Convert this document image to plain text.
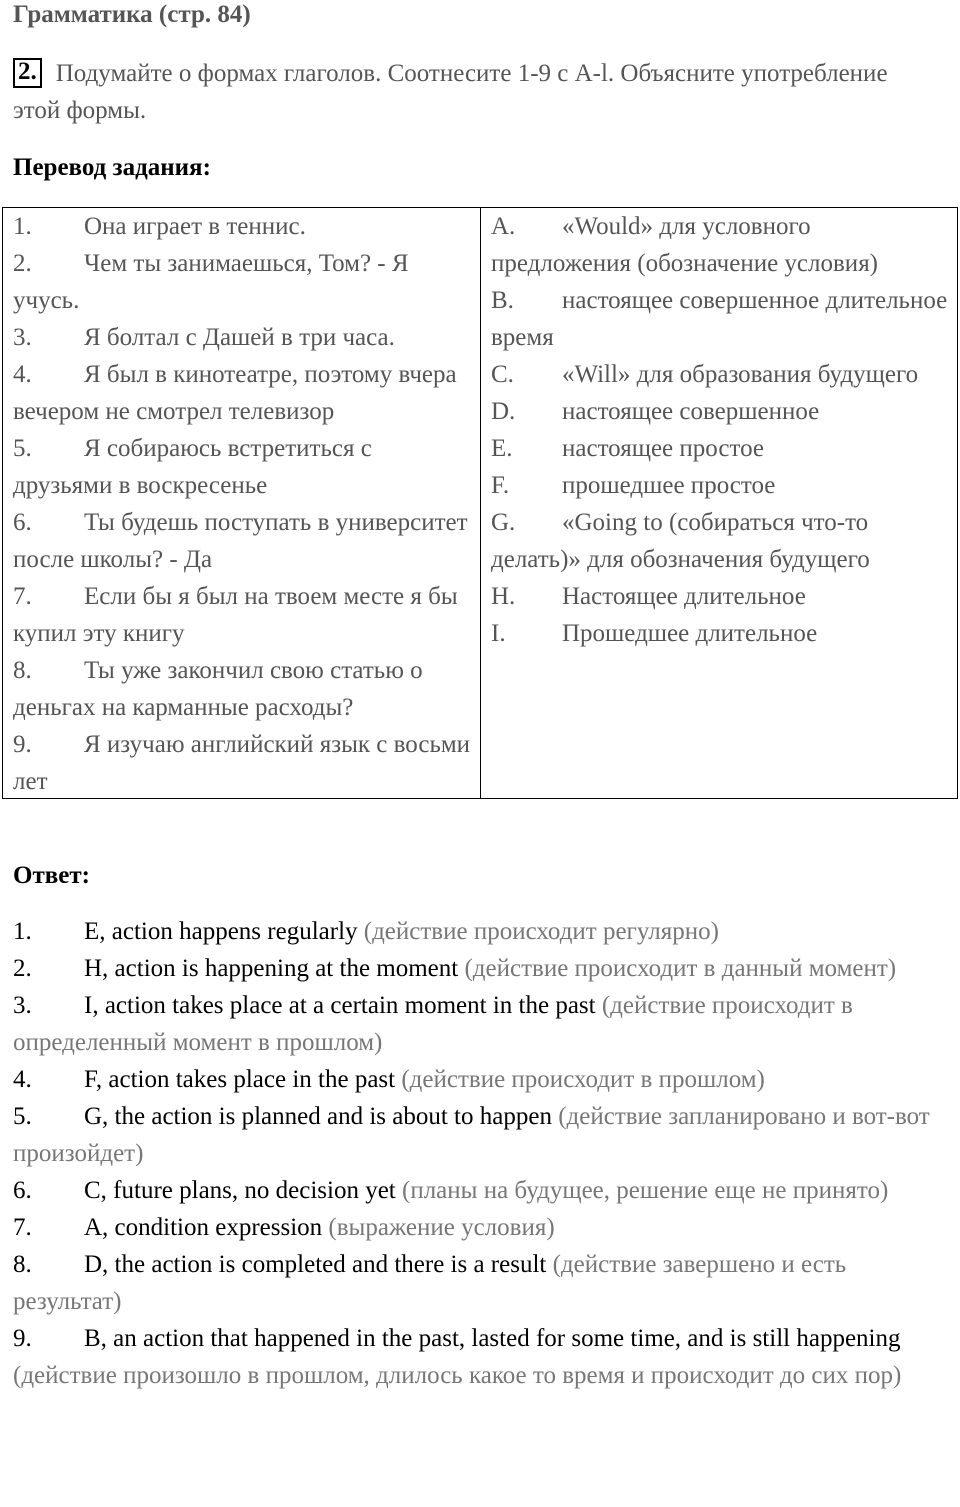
Грамматика (стр. 84)
2. Подумайте о формах глаголов. Соотнесите 1-9 с A-l. Объясните употребление этой формы.
Перевод задания:

1. Она играет в теннис.

2. Чем ты занимаешься, Том? - Я учусь.

3. Я болтал с Дашей в три часа.

4. Я был в кинотеатре, поэтому вчера вечером не смотрел телевизор

5. Я собираюсь встретиться с друзьями в воскресенье

6. Ты будешь поступать в университет после школы? - Да

7. Если бы я был на твоем месте я бы купил эту книгу

8. Ты уже закончил свою статью о деньгах на карманные расходы?

9. Я изучаю английский язык с восьми лет

A. «Would» для условного предложения (обозначение условия)

B. настоящее совершенное длительное время

C. «Will» для образования будущего

D. настоящее совершенное

E. настоящее простое

F. прошедшее простое

G. «Going to (собираться что-то делать)» для обозначения будущего

H. Настоящее длительное

I. Прошедшее длительное

Ответ:

1. E, action happens regularly (действие происходит регулярно)

2. H, action is happening at the moment (действие происходит в данный момент)

3. I, action takes place at a certain moment in the past (действие происходит в определенный момент в прошлом)

4. F, action takes place in the past (действие происходит в прошлом)

5. G, the action is planned and is about to happen (действие запланировано и вот-вот произойдет)

6. C, future plans, no decision yet (планы на будущее, решение еще не принято)

7. A, condition expression (выражение условия)

8. D, the action is completed and there is a result (действие завершено и есть результат)

9. B, an action that happened in the past, lasted for some time, and is still happening (действие произошло в прошлом, длилось какое то время и происходит до сих пор)
